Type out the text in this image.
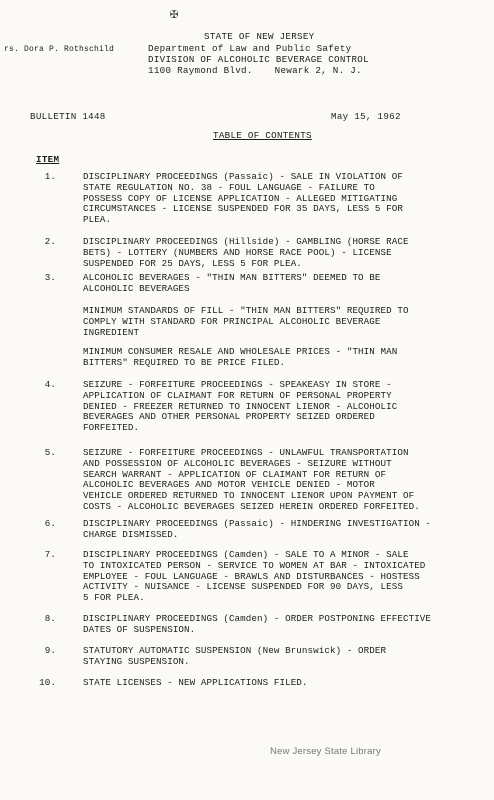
✠
rs. Dora P. Rothschild
STATE OF NEW JERSEY
Department of Law and Public Safety
DIVISION OF ALCOHOLIC BEVERAGE CONTROL
1100 Raymond Blvd. Newark 2, N. J.
BULLETIN 1448	May 15, 1962
TABLE OF CONTENTS
ITEM
1.	DISCIPLINARY PROCEEDINGS (Passaic) - SALE IN VIOLATION OF
STATE REGULATION NO. 38 - FOUL LANGUAGE - FAILURE TO
POSSESS COPY OF LICENSE APPLICATION - ALLEGED MITIGATING
CIRCUMSTANCES - LICENSE SUSPENDED FOR 35 DAYS, LESS 5 FOR
PLEA.
2.	DISCIPLINARY PROCEEDINGS (Hillside) - GAMBLING (HORSE RACE
BETS) - LOTTERY (NUMBERS AND HORSE RACE POOL) - LICENSE
SUSPENDED FOR 25 DAYS, LESS 5 FOR PLEA.
3.	ALCOHOLIC BEVERAGES - "THIN MAN BITTERS" DEEMED TO BE
ALCOHOLIC BEVERAGES
MINIMUM STANDARDS OF FILL - "THIN MAN BITTERS" REQUIRED TO
COMPLY WITH STANDARD FOR PRINCIPAL ALCOHOLIC BEVERAGE
INGREDIENT
MINIMUM CONSUMER RESALE AND WHOLESALE PRICES - "THIN MAN
BITTERS" REQUIRED TO BE PRICE FILED.
4.	SEIZURE - FORFEITURE PROCEEDINGS - SPEAKEASY IN STORE -
APPLICATION OF CLAIMANT FOR RETURN OF PERSONAL PROPERTY
DENIED - FREEZER RETURNED TO INNOCENT LIENOR - ALCOHOLIC
BEVERAGES AND OTHER PERSONAL PROPERTY SEIZED ORDERED
FORFEITED.
5.	SEIZURE - FORFEITURE PROCEEDINGS - UNLAWFUL TRANSPORTATION
AND POSSESSION OF ALCOHOLIC BEVERAGES - SEIZURE WITHOUT
SEARCH WARRANT - APPLICATION OF CLAIMANT FOR RETURN OF
ALCOHOLIC BEVERAGES AND MOTOR VEHICLE DENIED - MOTOR
VEHICLE ORDERED RETURNED TO INNOCENT LIENOR UPON PAYMENT OF
COSTS - ALCOHOLIC BEVERAGES SEIZED HEREIN ORDERED FORFEITED.
6.	DISCIPLINARY PROCEEDINGS (Passaic) - HINDERING INVESTIGATION -
CHARGE DISMISSED.
7.	DISCIPLINARY PROCEEDINGS (Camden) - SALE TO A MINOR - SALE
TO INTOXICATED PERSON - SERVICE TO WOMEN AT BAR - INTOXICATED
EMPLOYEE - FOUL LANGUAGE - BRAWLS AND DISTURBANCES - HOSTESS
ACTIVITY - NUISANCE - LICENSE SUSPENDED FOR 90 DAYS, LESS
5 FOR PLEA.
8.	DISCIPLINARY PROCEEDINGS (Camden) - ORDER POSTPONING EFFECTIVE
DATES OF SUSPENSION.
9.	STATUTORY AUTOMATIC SUSPENSION (New Brunswick) - ORDER
STAYING SUSPENSION.
10.	STATE LICENSES - NEW APPLICATIONS FILED.
New Jersey State Library
